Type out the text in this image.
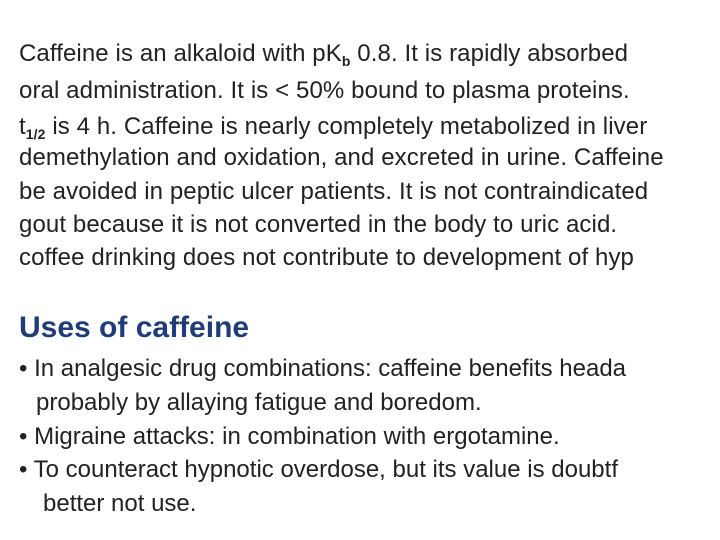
Caffeine is an alkaloid with $pK_b$ 0.8. It is rapidly absorbed
oral administration. It is < 50% bound to plasma proteins.
$t_{1/2}$ is 4 h. Caffeine is nearly completely metabolized in liver
demethylation and oxidation, and excreted in urine. Caffeine
be avoided in peptic ulcer patients. It is not contraindicated
gout because it is not converted in the body to uric acid.
coffee drinking does not contribute to development of hyp
Uses of caffeine
• In analgesic drug combinations: caffeine benefits heada
probably by allaying fatigue and boredom.
• Migraine attacks: in combination with ergotamine.
• To counteract hypnotic overdose, but its value is doubtf
better not use.
